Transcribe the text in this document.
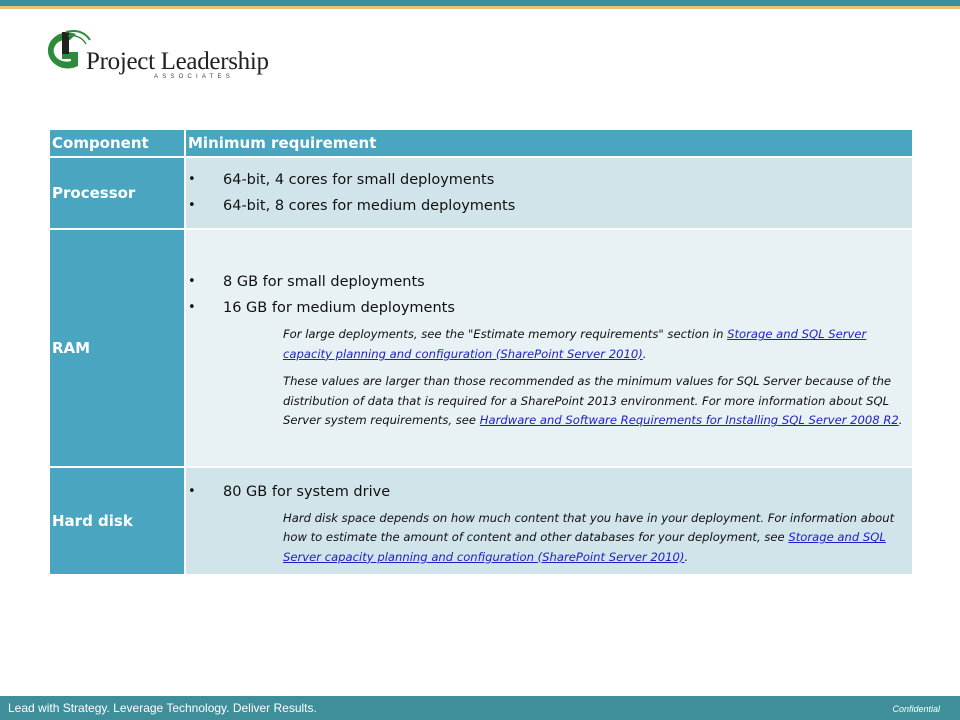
Project Leadership
ASSOCIATES
Component	Minimum requirement
Processor	• 64-bit, 4 cores for small deployments
• 64-bit, 8 cores for medium deployments

RAM	• 8 GB for small deployments
• 16 GB for medium deployments

For large deployments, see the "Estimate memory requirements" section in Storage and SQL Server capacity planning and configuration (SharePoint Server 2010).

These values are larger than those recommended as the minimum values for SQL Server because of the distribution of data that is required for a SharePoint 2013 environment. For more information about SQL Server system requirements, see Hardware and Software Requirements for Installing SQL Server 2008 R2.

Hard disk	• 80 GB for system drive

Hard disk space depends on how much content that you have in your deployment. For information about how to estimate the amount of content and other databases for your deployment, see Storage and SQL Server capacity planning and configuration (SharePoint Server 2010).

Lead with Strategy. Leverage Technology. Deliver Results.	Confidential
